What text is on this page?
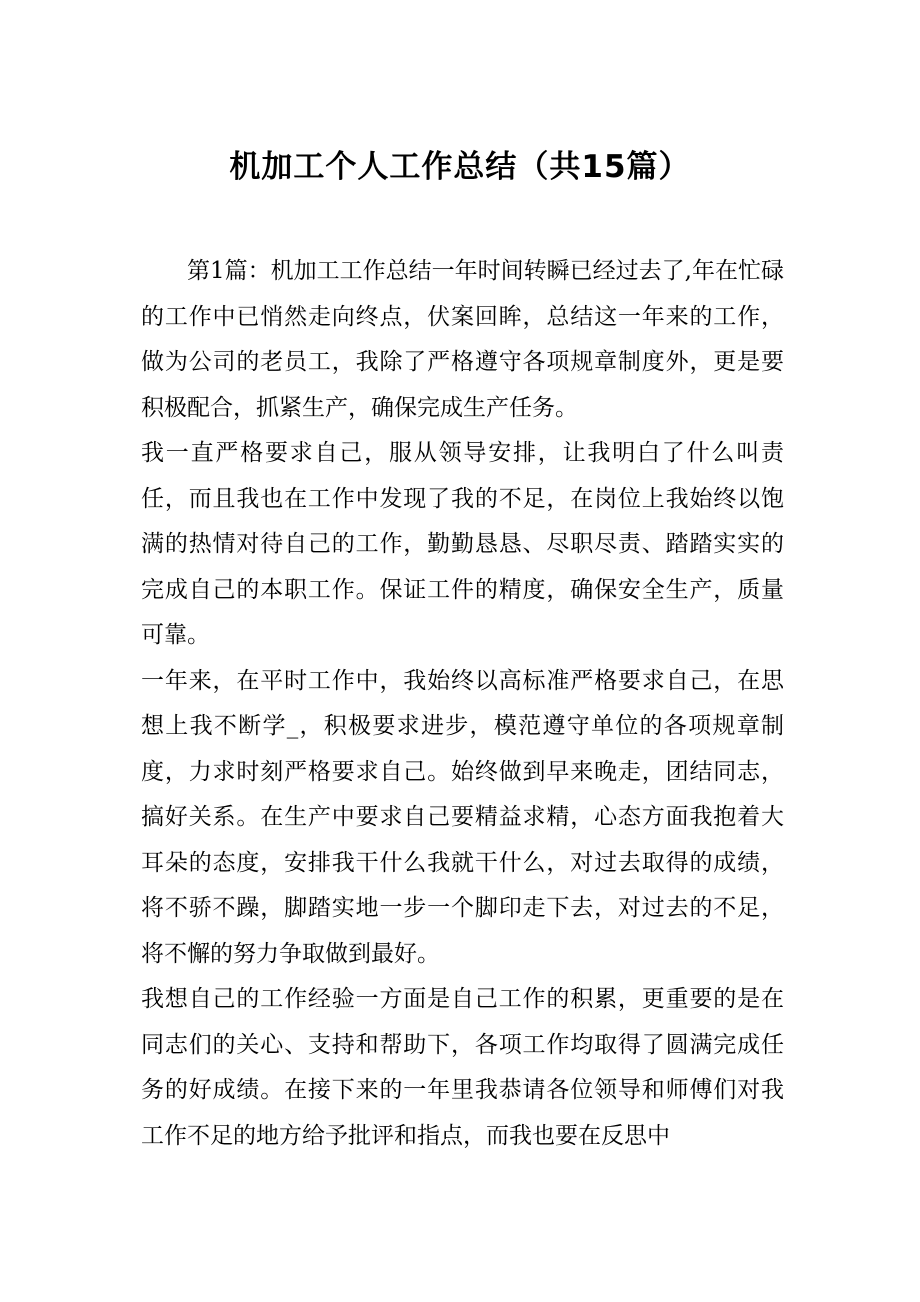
机加工个人工作总结（共15篇）

第1篇：机加工工作总结一年时间转瞬已经过去了,年在忙碌的工作中已悄然走向终点，伏案回眸，总结这一年来的工作，做为公司的老员工，我除了严格遵守各项规章制度外，更是要积极配合，抓紧生产，确保完成生产任务。

我一直严格要求自己，服从领导安排，让我明白了什么叫责任，而且我也在工作中发现了我的不足，在岗位上我始终以饱满的热情对待自己的工作，勤勤恳恳、尽职尽责、踏踏实实的完成自己的本职工作。保证工件的精度，确保安全生产，质量可靠。

一年来，在平时工作中，我始终以高标准严格要求自己，在思想上我不断学_，积极要求进步，模范遵守单位的各项规章制度，力求时刻严格要求自己。始终做到早来晚走，团结同志，搞好关系。在生产中要求自己要精益求精，心态方面我抱着大耳朵的态度，安排我干什么我就干什么，对过去取得的成绩，将不骄不躁，脚踏实地一步一个脚印走下去，对过去的不足，将不懈的努力争取做到最好。

我想自己的工作经验一方面是自己工作的积累，更重要的是在同志们的关心、支持和帮助下，各项工作均取得了圆满完成任务的好成绩。在接下来的一年里我恭请各位领导和师傅们对我工作不足的地方给予批评和指点，而我也要在反思中
